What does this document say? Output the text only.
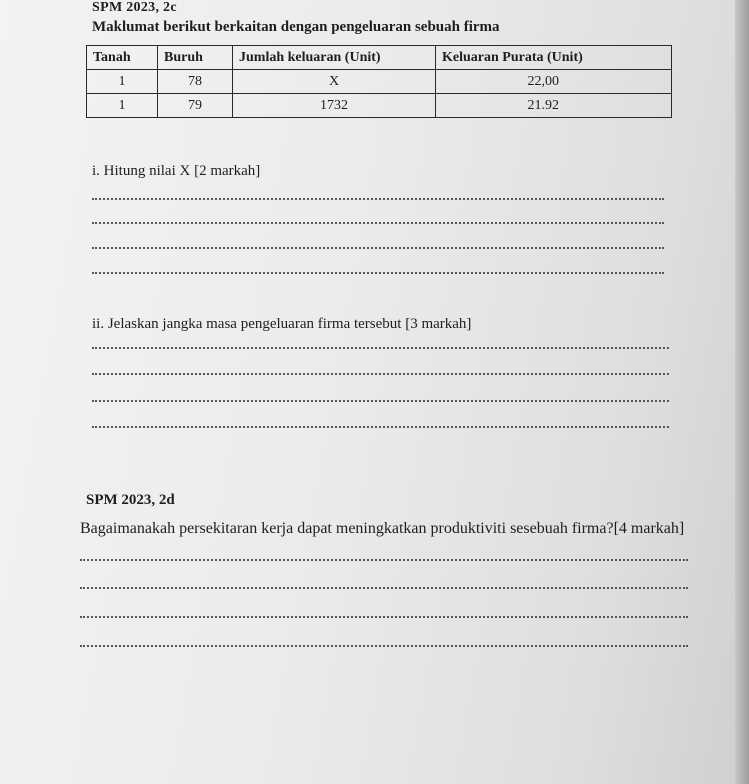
SPM 2023, 2c
Maklumat berikut berkaitan dengan pengeluaran sebuah firma
Tanah	Buruh	Jumlah keluaran (Unit)	Keluaran Purata (Unit)
1	78	X	22,00
1	79	1732	21.92
i. Hitung nilai X [2 markah]
ii. Jelaskan jangka masa pengeluaran firma tersebut [3 markah]
SPM 2023, 2d
Bagaimanakah persekitaran kerja dapat meningkatkan produktiviti sesebuah firma?[4 markah]
